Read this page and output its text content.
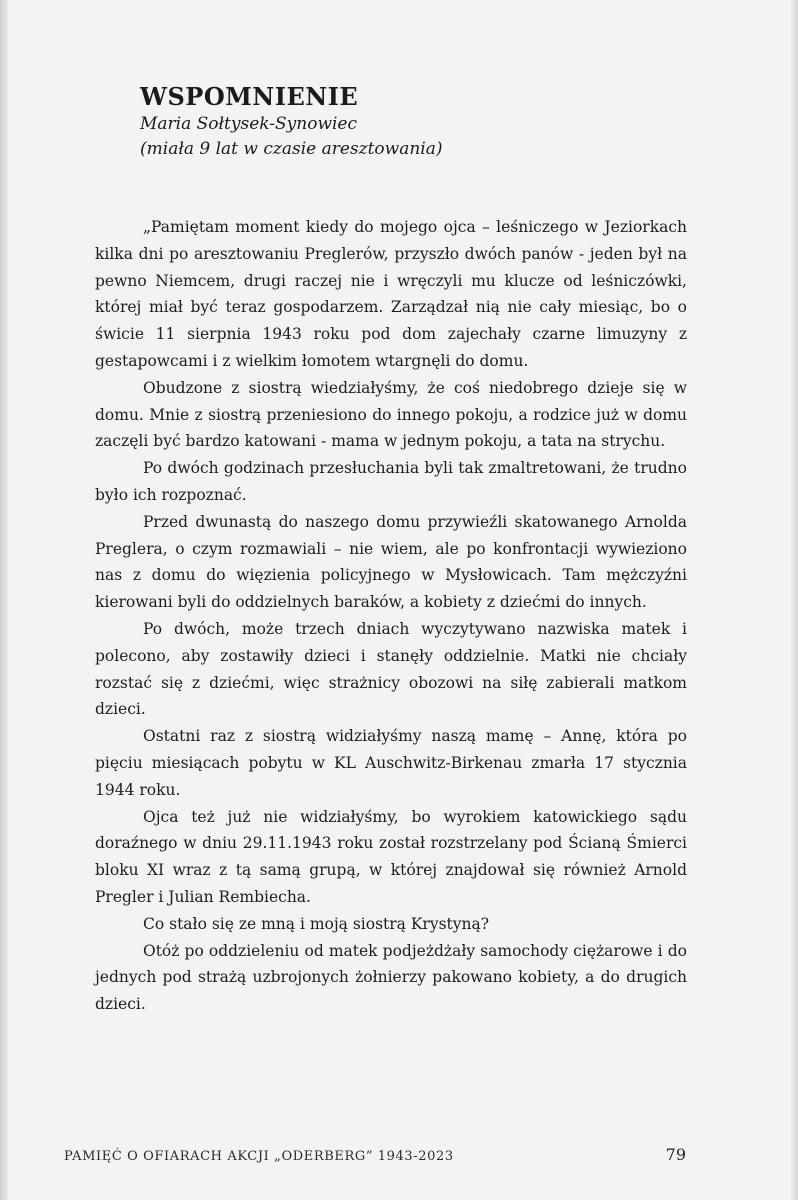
WSPOMNIENIE

Maria Sołtysek-Synowiec

(miała 9 lat w czasie aresztowania)

„Pamiętam moment kiedy do mojego ojca – leśniczego w Jeziorkach kilka dni po aresztowaniu Preglerów, przyszło dwóch panów - jeden był na pewno Niemcem, drugi raczej nie i wręczyli mu klucze od leśniczówki, której miał być teraz gospodarzem. Zarządzał nią nie cały miesiąc, bo o świcie 11 sierpnia 1943 roku pod dom zajechały czarne limuzyny z gestapowcami i z wielkim łomotem wtargnęli do domu.

Obudzone z siostrą wiedziałyśmy, że coś niedobrego dzieje się w domu. Mnie z siostrą przeniesiono do innego pokoju, a rodzice już w domu zaczęli być bardzo katowani - mama w jednym pokoju, a tata na strychu.

Po dwóch godzinach przesłuchania byli tak zmaltretowani, że trudno było ich rozpoznać.

Przed dwunastą do naszego domu przywieźli skatowanego Arnolda Preglera, o czym rozmawiali – nie wiem, ale po konfrontacji wywieziono nas z domu do więzienia policyjnego w Mysłowicach. Tam mężczyźni kierowani byli do oddzielnych baraków, a kobiety z dziećmi do innych.

Po dwóch, może trzech dniach wyczytywano nazwiska matek i polecono, aby zostawiły dzieci i stanęły oddzielnie. Matki nie chciały rozstać się z dziećmi, więc strażnicy obozowi na siłę zabierali matkom dzieci.

Ostatni raz z siostrą widziałyśmy naszą mamę – Annę, która po pięciu miesiącach pobytu w KL Auschwitz-Birkenau zmarła 17 stycznia 1944 roku.

Ojca też już nie widziałyśmy, bo wyrokiem katowickiego sądu doraźnego w dniu 29.11.1943 roku został rozstrzelany pod Ścianą Śmierci bloku XI wraz z tą samą grupą, w której znajdował się również Arnold Pregler i Julian Rembiecha.

Co stało się ze mną i moją siostrą Krystyną?

Otóż po oddzieleniu od matek podjeżdżały samochody ciężarowe i do jednych pod strażą uzbrojonych żołnierzy pakowano kobiety, a do drugich dzieci.

PAMIĘĆ O OFIARACH AKCJI „ODERBERG” 1943-2023	79
